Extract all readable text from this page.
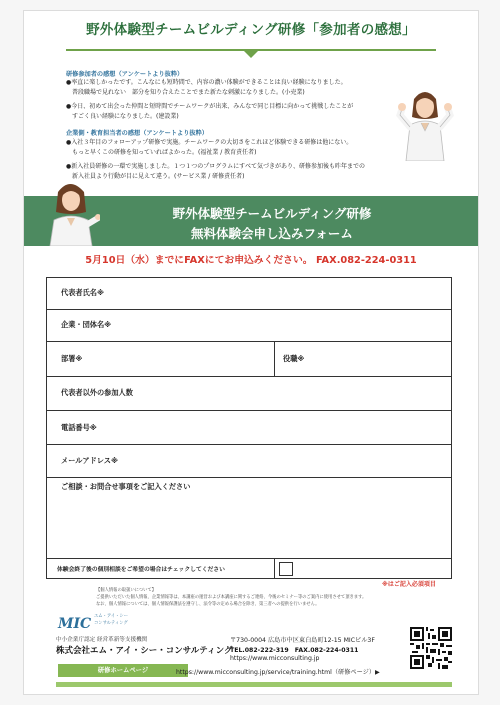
野外体験型チームビルディング研修「参加者の感想」
研修参加者の感想（アンケートより抜粋）
●率直に楽しかったです。こんなにも短時間で、内容の濃い体験ができることは良い経験になりました。
　普段職場で見れない　部分を知り合えたことでまた新たな刺激になりました。(小売業)
●今日、初めて出会った仲間と短時間でチームワークが出来、みんなで同じ目標に向かって挑戦したことが
　すごく良い経験になりました。(建設業)
企業側・教育担当者の感想（アンケートより抜粋）
●入社３年目のフォローアップ研修で実施。チームワークの大切さをこれほど体験できる研修は他にない。
　もっと早くこの研修を知っていればよかった。(福祉業 / 教育責任者)
●新入社員研修の一環で実施しました。１つ１つのプログラムにすべて気づきがあり、研修参加後も昨年までの
　新入社員より行動が目に見えて違う。(サービス業 / 研修責任者)
野外体験型チームビルディング研修
無料体験会申し込みフォーム
5月10日（水）までにFAXにてお申込みください。 FAX.082-224-0311
代表者氏名※
企業・団体名※
部署※	役職※
代表者以外の参加人数
電話番号※
メールアドレス※
ご相談・お問合せ事項をご記入ください
体験会終了後の個別相談をご希望の場合はチェックしてください
※はご記入必須項目
【個人情報の取扱いについて】
ご提供いただいた個人情報、企業情報等は、本講座の運営および本講座に関するご連絡、今後のセミナー等のご案内に使用させて頂きます。
なお、個人情報については、個人情報保護法を遵守し、法令等の定める場合を除き、第三者への提供を行いません。
MIC エム・アイ・シー
コンサルティング
中小企業庁認定 経営革新等支援機関
株式会社エム・アイ・シー・コンサルティング
研修ホームページ
〒730-0004 広島市中区東白島町12-15 MICビル3F
TEL.082-222-319　FAX.082-224-0311
https://www.micconsulting.jp
https://www.micconsulting.jp/service/training.html（研修ページ）▶
